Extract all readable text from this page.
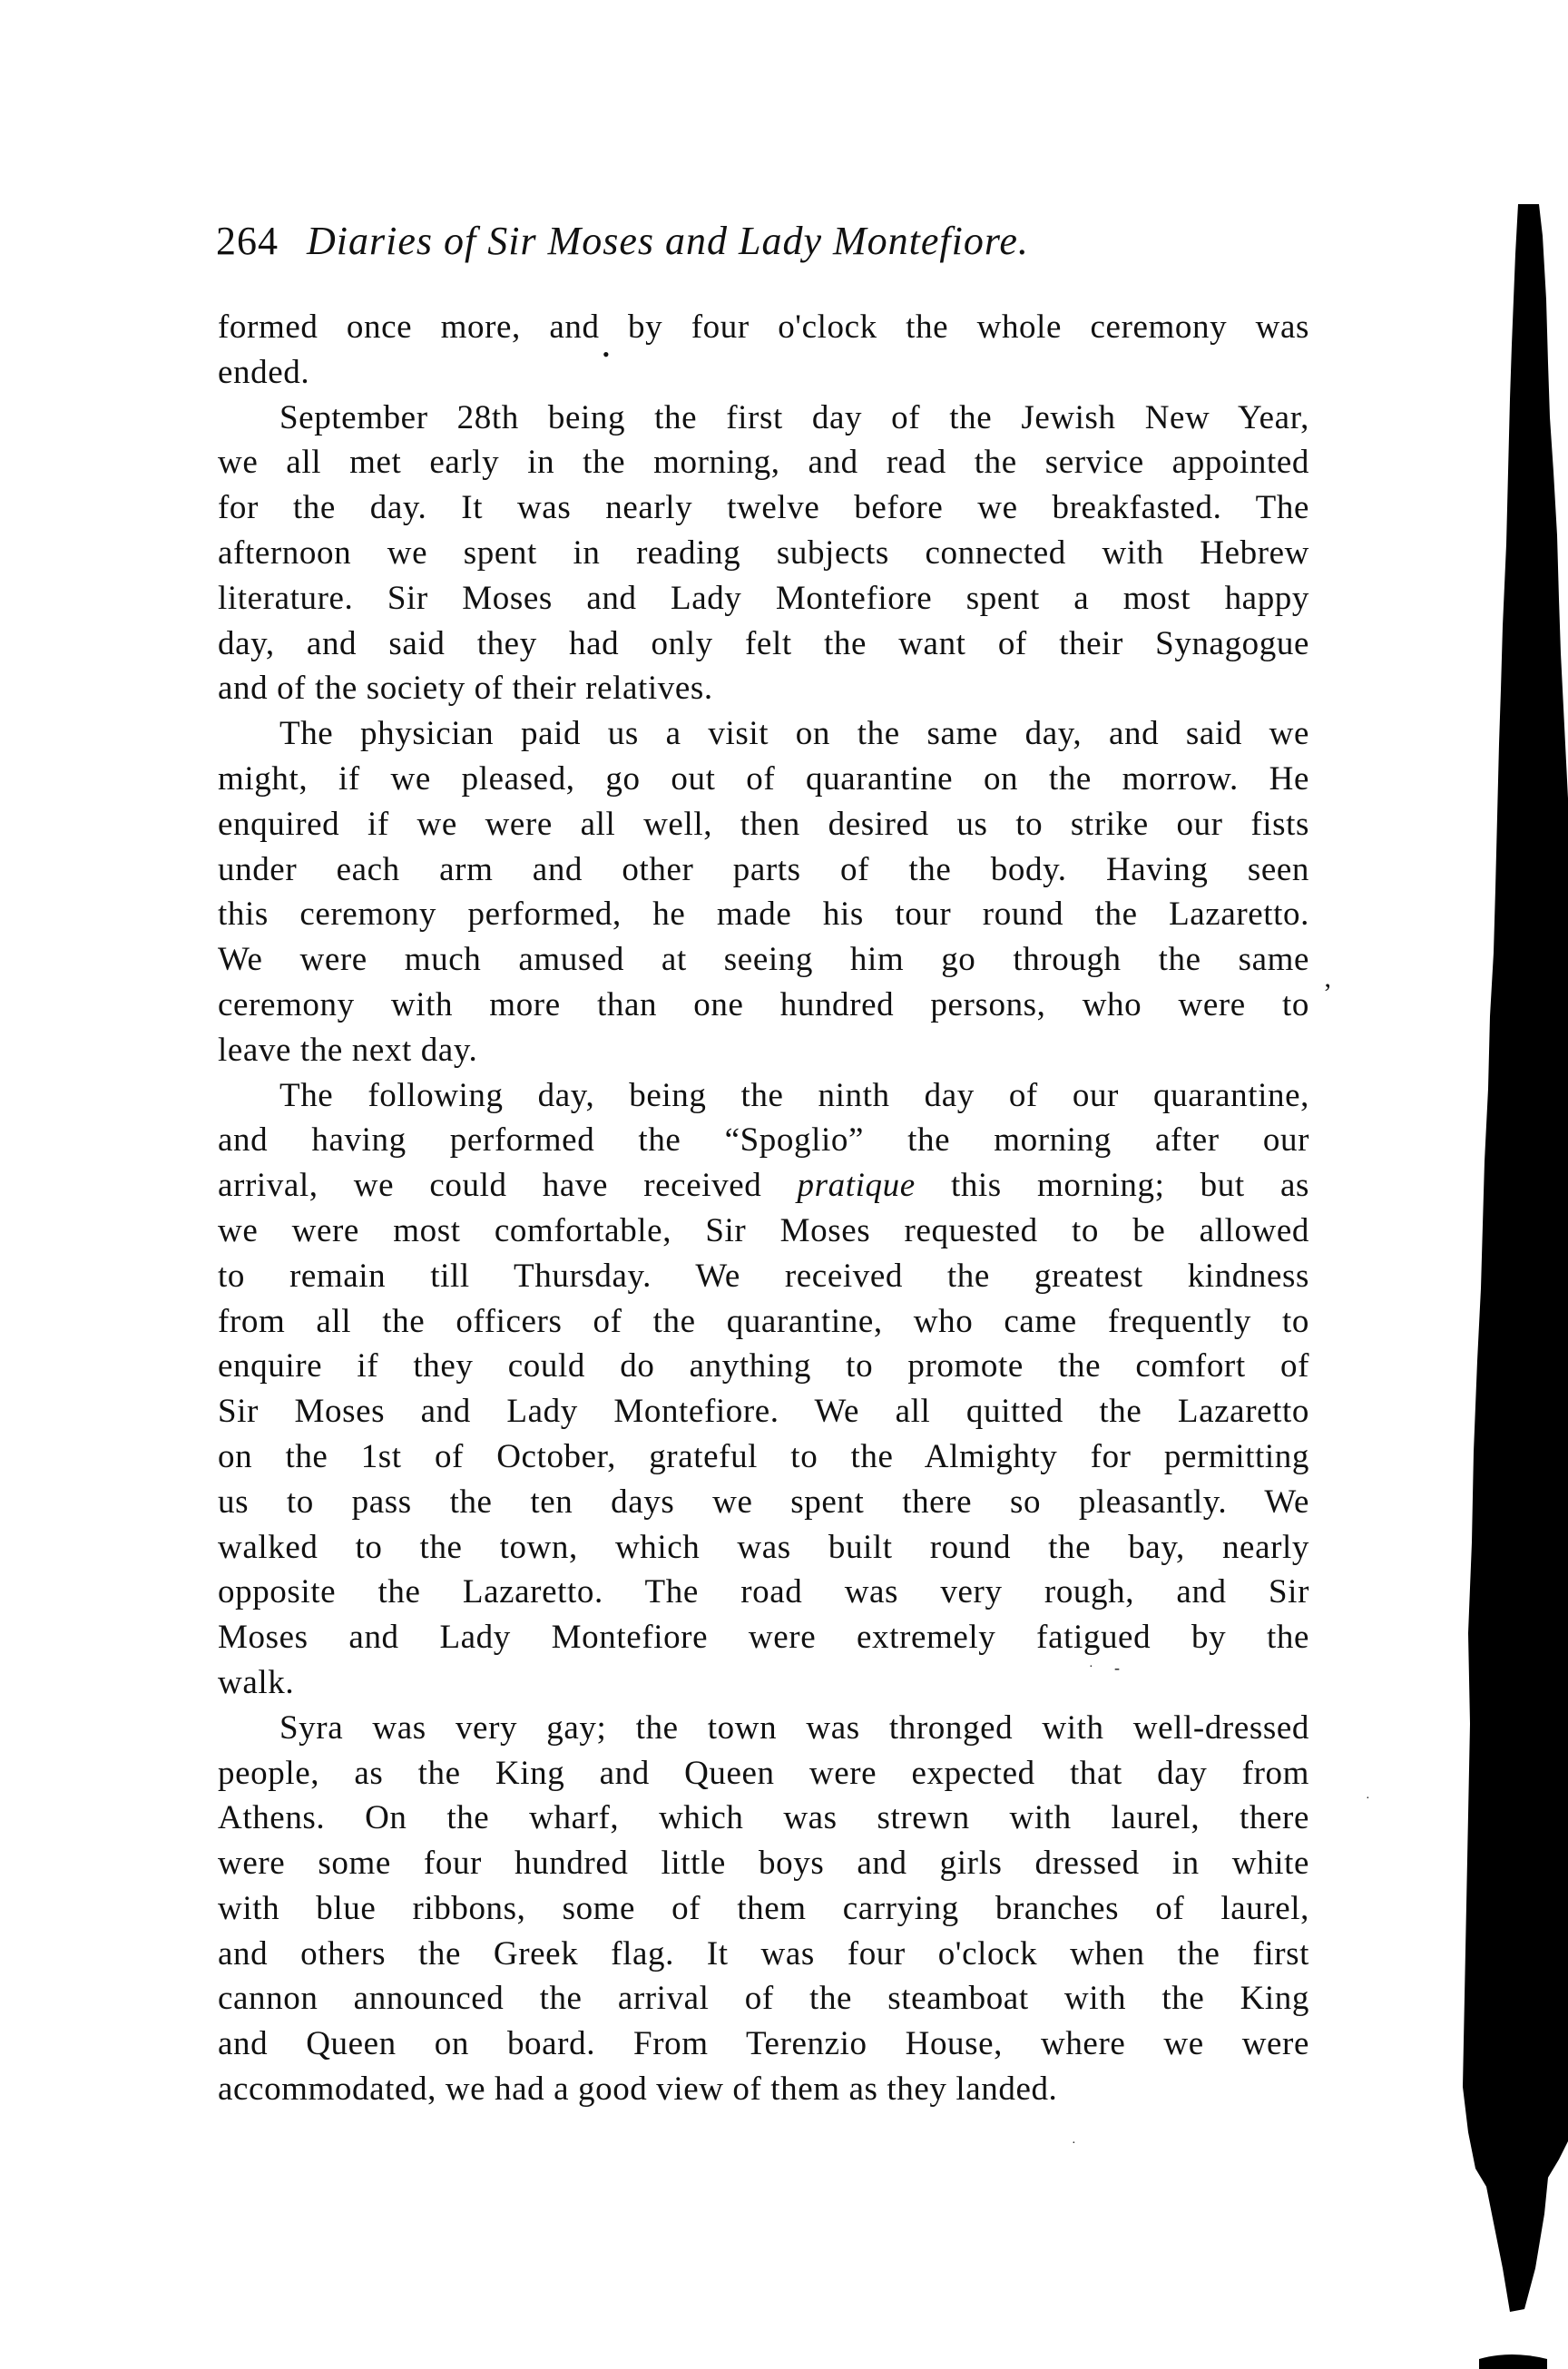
264 Diaries of Sir Moses and Lady Montefiore.
formed once more, and by four o'clock the whole ceremony was
ended.
September 28th being the first day of the Jewish New Year,
we all met early in the morning, and read the service appointed
for the day. It was nearly twelve before we breakfasted. The
afternoon we spent in reading subjects connected with Hebrew
literature. Sir Moses and Lady Montefiore spent a most happy
day, and said they had only felt the want of their Synagogue
and of the society of their relatives.
The physician paid us a visit on the same day, and said we
might, if we pleased, go out of quarantine on the morrow. He
enquired if we were all well, then desired us to strike our fists
under each arm and other parts of the body. Having seen
this ceremony performed, he made his tour round the Lazaretto.
We were much amused at seeing him go through the same
ceremony with more than one hundred persons, who were to
leave the next day.
The following day, being the ninth day of our quarantine,
and having performed the “Spoglio” the morning after our
arrival, we could have received pratique this morning; but as
we were most comfortable, Sir Moses requested to be allowed
to remain till Thursday. We received the greatest kindness
from all the officers of the quarantine, who came frequently to
enquire if they could do anything to promote the comfort of
Sir Moses and Lady Montefiore. We all quitted the Lazaretto
on the 1st of October, grateful to the Almighty for permitting
us to pass the ten days we spent there so pleasantly. We
walked to the town, which was built round the bay, nearly
opposite the Lazaretto. The road was very rough, and Sir
Moses and Lady Montefiore were extremely fatigued by the
walk.
Syra was very gay; the town was thronged with well-dressed
people, as the King and Queen were expected that day from
Athens. On the wharf, which was strewn with laurel, there
were some four hundred little boys and girls dressed in white
with blue ribbons, some of them carrying branches of laurel,
and others the Greek flag. It was four o'clock when the first
cannon announced the arrival of the steamboat with the King
and Queen on board. From Terenzio House, where we were
accommodated, we had a good view of them as they landed.
•
’
· -
·
·
